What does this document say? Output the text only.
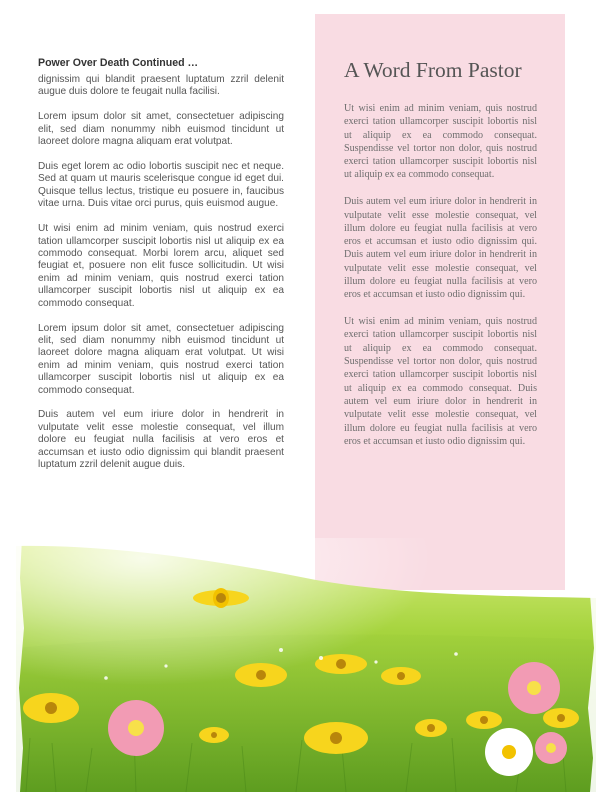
Power Over Death Continued …

dignissim qui blandit praesent luptatum zzril delenit augue duis dolore te feugait nulla facilisi.

Lorem ipsum dolor sit amet, consectetuer adipiscing elit, sed diam nonummy nibh euismod tincidunt ut laoreet dolore magna aliquam erat volutpat.

Duis eget lorem ac odio lobortis suscipit nec et neque. Sed at quam ut mauris scelerisque congue id eget dui. Quisque tellus lectus, tristique eu posuere in, faucibus vitae urna. Duis vitae orci purus, quis euismod augue.

Ut wisi enim ad minim veniam, quis nostrud exerci tation ullamcorper suscipit lobortis nisl ut aliquip ex ea commodo consequat. Morbi lorem arcu, aliquet sed feugiat et, posuere non elit fusce sollicitudin. Ut wisi enim ad minim veniam, quis nostrud exerci tation ullamcorper suscipit lobortis nisl ut aliquip ex ea commodo consequat.

Lorem ipsum dolor sit amet, consectetuer adipiscing elit, sed diam nonummy nibh euismod tincidunt ut laoreet dolore magna aliquam erat volutpat. Ut wisi enim ad minim veniam, quis nostrud exerci tation ullamcorper suscipit lobortis nisl ut aliquip ex ea commodo consequat.

Duis autem vel eum iriure dolor in hendrerit in vulputate velit esse molestie consequat, vel illum dolore eu feugiat nulla facilisis at vero eros et accumsan et iusto odio dignissim qui blandit praesent luptatum zzril delenit augue duis.

A Word From Pastor

Ut wisi enim ad minim veniam, quis nostrud exerci tation ullamcorper suscipit lobortis nisl ut aliquip ex ea commodo consequat. Suspendisse vel tortor non dolor, quis nostrud exerci tation ullamcorper suscipit lobortis nisl ut aliquip ex ea commodo consequat.

Duis autem vel eum iriure dolor in hendrerit in vulputate velit esse molestie consequat, vel illum dolore eu feugiat nulla facilisis at vero eros et accumsan et iusto odio dignissim qui. Duis autem vel eum iriure dolor in hendrerit in vulputate velit esse molestie consequat, vel illum dolore eu feugiat nulla facilisis at vero eros et accumsan et iusto odio dignissim qui.

Ut wisi enim ad minim veniam, quis nostrud exerci tation ullamcorper suscipit lobortis nisl ut aliquip ex ea commodo consequat. Suspendisse vel tortor non dolor, quis nostrud exerci tation ullamcorper suscipit lobortis nisl ut aliquip ex ea commodo consequat. Duis autem vel eum iriure dolor in hendrerit in vulputate velit esse molestie consequat, vel illum dolore eu feugiat nulla facilisis at vero eros et accumsan et iusto odio dignissim qui.
